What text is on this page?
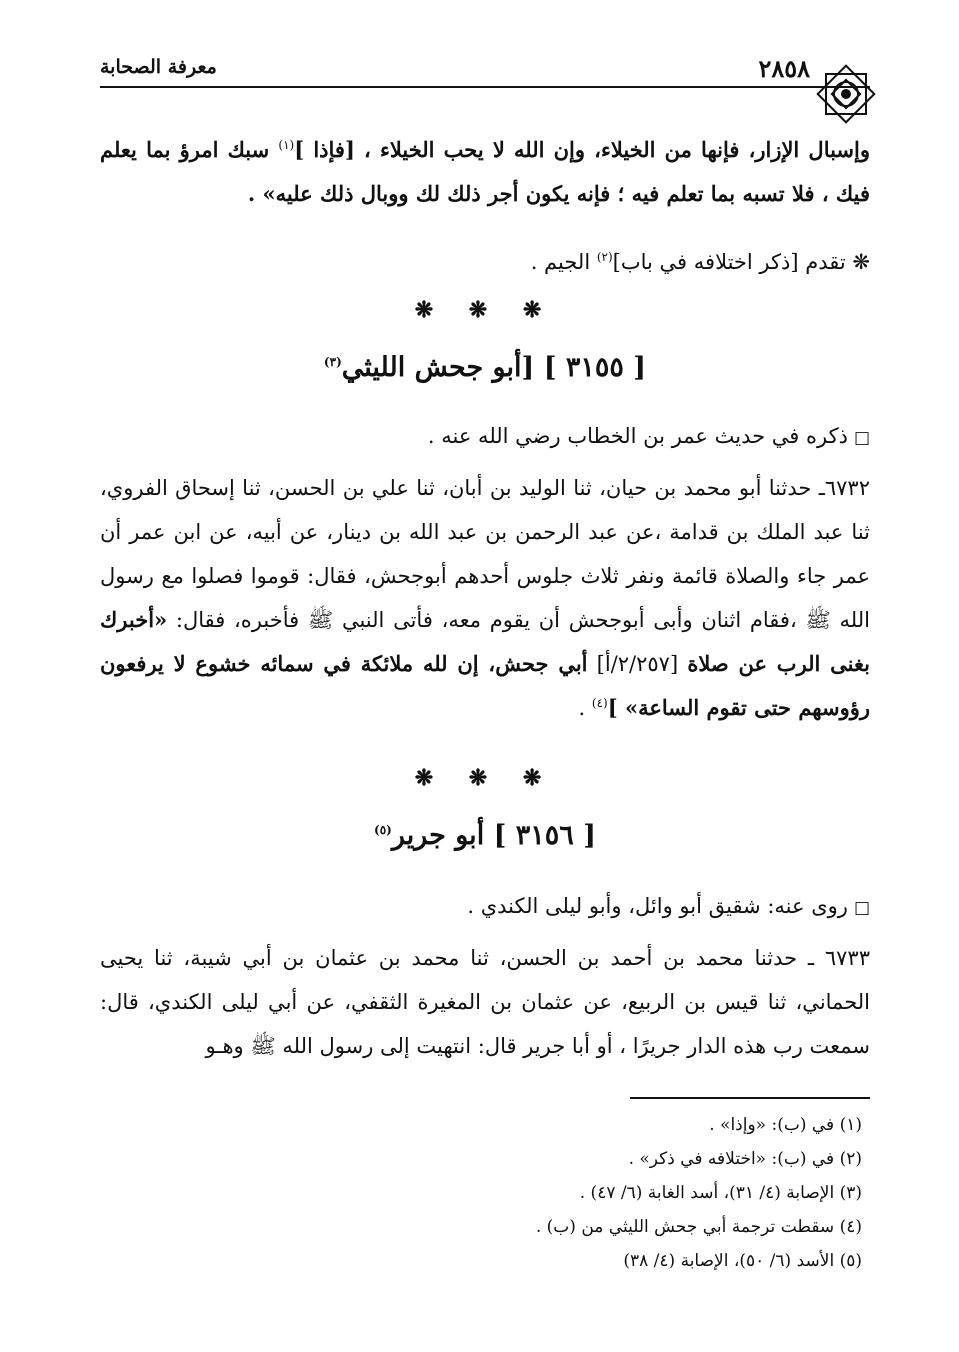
معرفة الصحابة	٢٨٥٨
وإسبال الإزار، فإنها من الخيلاء، وإن الله لا يحب الخيلاء ، [فإذا ]$^{(١)}$ سبك امرؤ بما يعلم فيك ، فلا تسبه بما تعلم فيه ؛ فإنه يكون أجر ذلك لك ووبال ذلك عليه» .
❋ تقدم [ذكر اختلافه في باب]$^{(٢)}$ الجيم .
❋ ❋ ❋
[ ٣١٥٥ ] [أبو جحش الليثي$^{(٣)}$
□ذكره في حديث عمر بن الخطاب رضي الله عنه .
٦٧٣٢ـ حدثنا أبو محمد بن حيان، ثنا الوليد بن أبان، ثنا علي بن الحسن، ثنا إسحاق الفروي، ثنا عبد الملك بن قدامة ،عن عبد الرحمن بن عبد الله بن دينار، عن أبيه، عن ابن عمر أن عمر جاء والصلاة قائمة ونفر ثلاث جلوس أحدهم أبوجحش، فقال: قوموا فصلوا مع رسول الله ﷺ ،فقام اثنان وأبى أبوجحش أن يقوم معه، فأتى النبي ﷺ فأخبره، فقال: «أخبرك بغنى الرب عن صلاة [٢/٢٥٧/أ] أبي جحش، إن لله ملائكة في سمائه خشوع لا يرفعون رؤوسهم حتى تقوم الساعة» ]$^{(٤)}$ .
❋ ❋ ❋
[ ٣١٥٦ ] أبو جرير$^{(٥)}$
□روى عنه: شقيق أبو وائل، وأبو ليلى الكندي .
٦٧٣٣ ـ حدثنا محمد بن أحمد بن الحسن، ثنا محمد بن عثمان بن أبي شيبة، ثنا يحيى الحماني، ثنا قيس بن الربيع، عن عثمان بن المغيرة الثقفي، عن أبي ليلى الكندي، قال: سمعت رب هذه الدار جريرًا ، أو أبا جرير قال: انتهيت إلى رسول الله ﷺ وهـو
(١) في (ب): «وإذا» .
(٢) في (ب): «اختلافه في ذكر» .
(٣) الإصابة (٤/ ٣١)، أسد الغابة (٦/ ٤٧) .
(٤) سقطت ترجمة أبي جحش الليثي من (ب) .
(٥) الأسد (٦/ ٥٠)، الإصابة (٤/ ٣٨)
